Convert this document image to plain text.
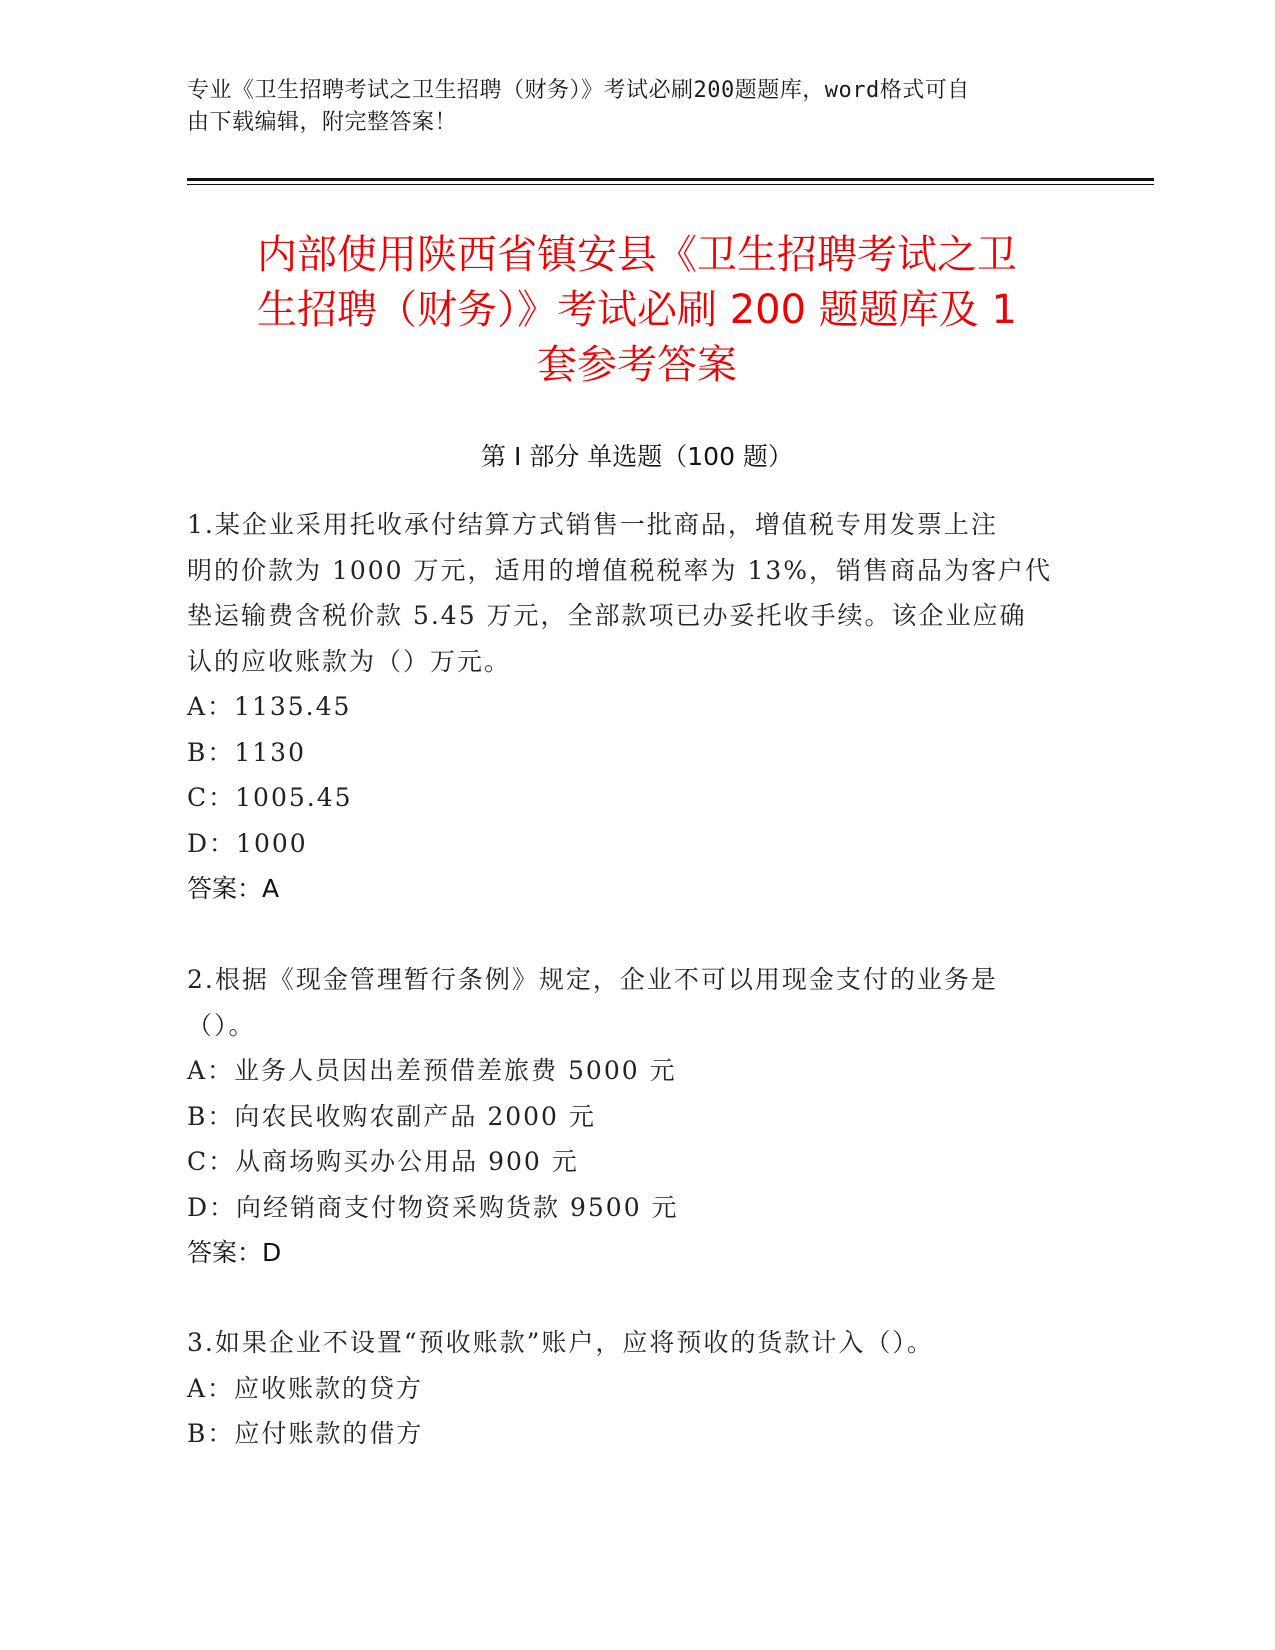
专业《卫生招聘考试之卫生招聘（财务）》考试必刷200题题库，word格式可自
由下载编辑，附完整答案！
内部使用陕西省镇安县《卫生招聘考试之卫
生招聘（财务）》考试必刷 200 题题库及 1
套参考答案
第 I 部分 单选题（100 题）
1.某企业采用托收承付结算方式销售一批商品，增值税专用发票上注
明的价款为 1000 万元，适用的增值税税率为 13%，销售商品为客户代
垫运输费含税价款 5.45 万元，全部款项已办妥托收手续。该企业应确
认的应收账款为（）万元。
A：1135.45
B：1130
C：1005.45
D：1000
答案：A
2.根据《现金管理暂行条例》规定，企业不可以用现金支付的业务是
（）。
A：业务人员因出差预借差旅费 5000 元
B：向农民收购农副产品 2000 元
C：从商场购买办公用品 900 元
D：向经销商支付物资采购货款 9500 元
答案：D
3.如果企业不设置“预收账款”账户，应将预收的货款计入（）。
A：应收账款的贷方
B：应付账款的借方
